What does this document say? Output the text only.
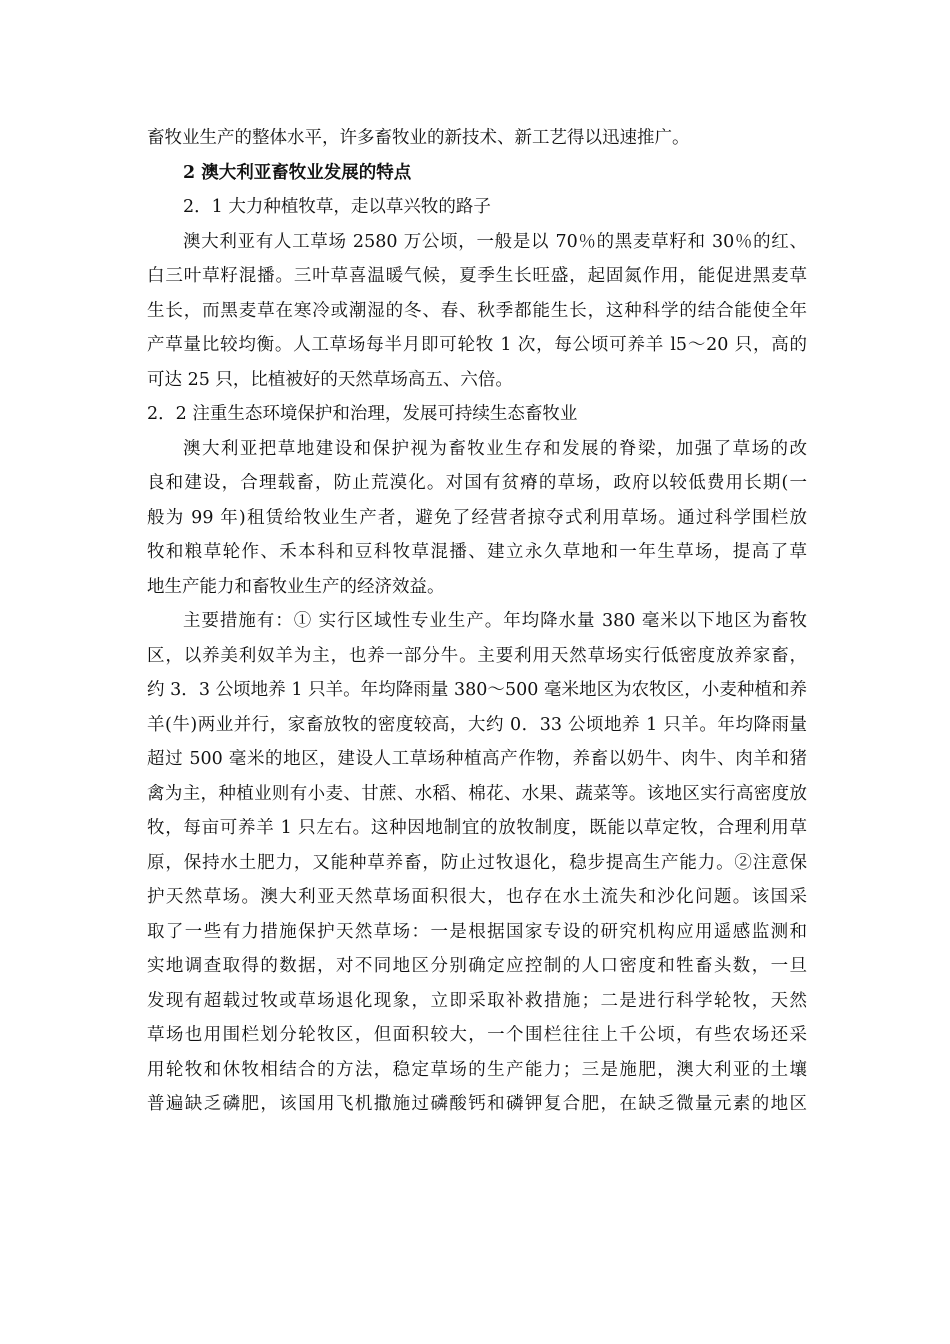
畜牧业生产的整体水平，许多畜牧业的新技术、新工艺得以迅速推广。
2 澳大利亚畜牧业发展的特点
2．1 大力种植牧草，走以草兴牧的路子
澳大利亚有人工草场 2580 万公顷，一般是以 70％的黑麦草籽和 30％的红、
白三叶草籽混播。三叶草喜温暖气候，夏季生长旺盛，起固氮作用，能促进黑麦草
生长，而黑麦草在寒冷或潮湿的冬、春、秋季都能生长，这种科学的结合能使全年
产草量比较均衡。人工草场每半月即可轮牧 1 次，每公顷可养羊 l5～20 只，高的
可达 25 只，比植被好的天然草场高五、六倍。
2．2 注重生态环境保护和治理，发展可持续生态畜牧业
澳大利亚把草地建设和保护视为畜牧业生存和发展的脊梁，加强了草场的改
良和建设，合理载畜，防止荒漠化。对国有贫瘠的草场，政府以较低费用长期(一
般为 99 年)租赁给牧业生产者，避免了经营者掠夺式利用草场。通过科学围栏放
牧和粮草轮作、禾本科和豆科牧草混播、建立永久草地和一年生草场，提高了草
地生产能力和畜牧业生产的经济效益。
主要措施有：① 实行区域性专业生产。年均降水量 380 毫米以下地区为畜牧
区，以养美利奴羊为主，也养一部分牛。主要利用天然草场实行低密度放养家畜，
约 3．3 公顷地养 1 只羊。年均降雨量 380～500 毫米地区为农牧区，小麦种植和养
羊(牛)两业并行，家畜放牧的密度较高，大约 0．33 公顷地养 1 只羊。年均降雨量
超过 500 毫米的地区，建设人工草场种植高产作物，养畜以奶牛、肉牛、肉羊和猪
禽为主，种植业则有小麦、甘蔗、水稻、棉花、水果、蔬菜等。该地区实行高密度放
牧，每亩可养羊 1 只左右。这种因地制宜的放牧制度，既能以草定牧，合理利用草
原，保持水土肥力，又能种草养畜，防止过牧退化，稳步提高生产能力。②注意保
护天然草场。澳大利亚天然草场面积很大，也存在水土流失和沙化问题。该国采
取了一些有力措施保护天然草场：一是根据国家专设的研究机构应用遥感监测和
实地调查取得的数据，对不同地区分别确定应控制的人口密度和牲畜头数，一旦
发现有超载过牧或草场退化现象，立即采取补救措施；二是进行科学轮牧，天然
草场也用围栏划分轮牧区，但面积较大，一个围栏往往上千公顷，有些农场还采
用轮牧和休牧相结合的方法，稳定草场的生产能力；三是施肥，澳大利亚的土壤
普遍缺乏磷肥，该国用飞机撒施过磷酸钙和磷钾复合肥，在缺乏微量元素的地区
